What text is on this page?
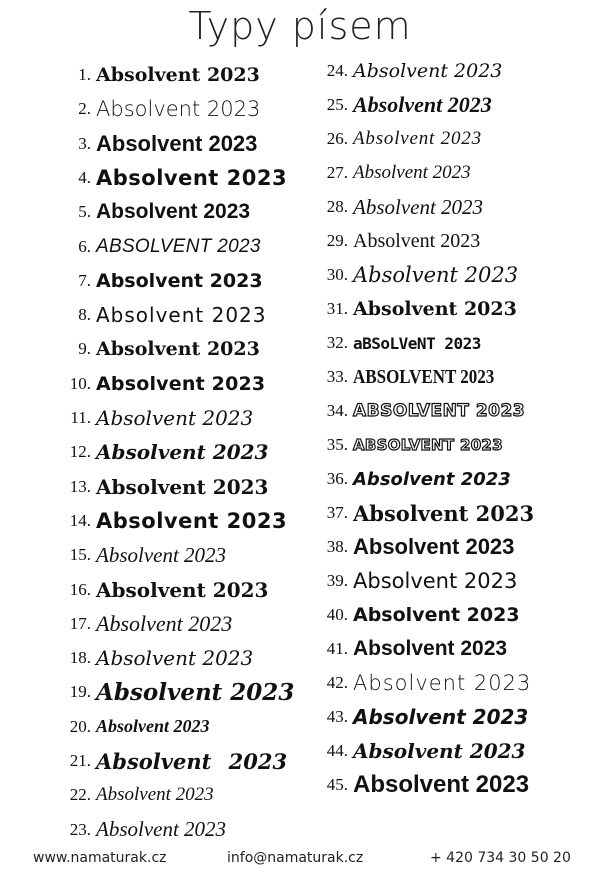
Typy písem
1. Absolvent 2023
2. Absolvent 2023
3. Absolvent 2023
4. Absolvent 2023
5. Absolvent 2023
6. ABSOLVENT 2023
7. Absolvent 2023
8. Absolvent 2023
9. Absolvent 2023
10. Absolvent 2023
11. Absolvent 2023
12. Absolvent 2023
13. Absolvent 2023
14. Absolvent 2023
15. Absolvent 2023
16. Absolvent 2023
17. Absolvent 2023
18. Absolvent 2023
19. Absolvent 2023
20. Absolvent 2023
21. Absolvent 2023
22. Absolvent 2023
23. Absolvent 2023
24. Absolvent 2023
25. Absolvent 2023
26. Absolvent 2023
27. Absolvent 2023
28. Absolvent 2023
29. Absolvent 2023
30. Absolvent 2023
31. Absolvent 2023
32. aBSoLVeNT 2023
33. ABSOLVENT 2023
34. ABSOLVENT 2023
35. ABSOLVENT 2023
36. Absolvent 2023
37. Absolvent 2023
38. Absolvent 2023
39. Absolvent 2023
40. Absolvent 2023
41. Absolvent 2023
42. Absolvent 2023
43. Absolvent 2023
44. Absolvent 2023
45. Absolvent 2023
www.namaturak.cz	info@namaturak.cz	+ 420 734 30 50 20
